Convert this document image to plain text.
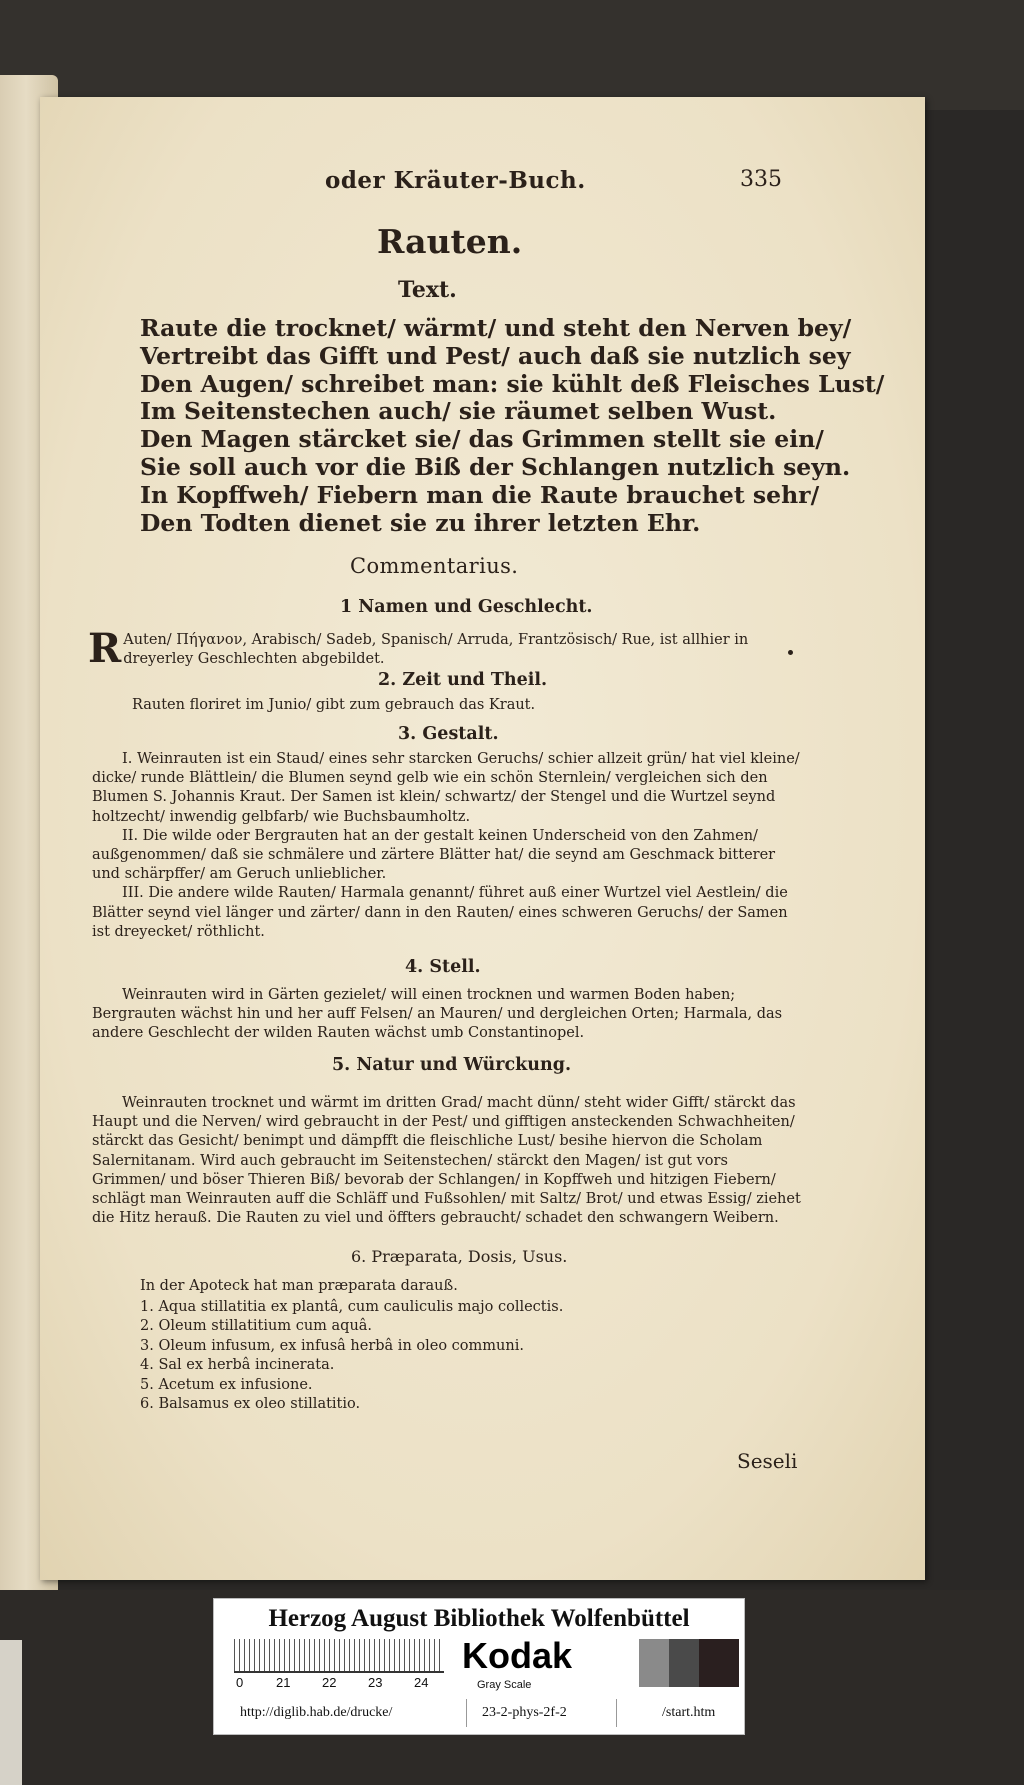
oder Kräuter-Buch.	335

Rauten.

Text.

Raute die trocknet/ wärmt/ und steht den Nerven bey/
Vertreibt das Gifft und Pest/ auch daß sie nutzlich sey
Den Augen/ schreibet man: sie kühlt deß Fleisches Lust/
Im Seitenstechen auch/ sie räumet selben Wust.
Den Magen stärcket sie/ das Grimmen stellt sie ein/
Sie soll auch vor die Biß der Schlangen nutzlich seyn.
In Kopffweh/ Fiebern man die Raute brauchet sehr/
Den Todten dienet sie zu ihrer letzten Ehr.

Commentarius.

1 Namen und Geschlecht.

R Auten/ Πήγανον, Arabisch/ Sadeb, Spanisch/ Arruda, Frantzösisch/ Rue, ist allhier in dreyerley Geschlechten abgebildet.

2. Zeit und Theil.

Rauten floriret im Junio/ gibt zum gebrauch das Kraut.

3. Gestalt.

I. Weinrauten ist ein Staud/ eines sehr starcken Geruchs/ schier allzeit grün/ hat viel kleine/ dicke/ runde Blättlein/ die Blumen seynd gelb wie ein schön Sternlein/ vergleichen sich den Blumen S. Johannis Kraut. Der Samen ist klein/ schwartz/ der Stengel und die Wurtzel seynd holtzecht/ inwendig gelbfarb/ wie Buchsbaumholtz.

II. Die wilde oder Bergrauten hat an der gestalt keinen Underscheid von den Zahmen/ außgenommen/ daß sie schmälere und zärtere Blätter hat/ die seynd am Geschmack bitterer und schärpffer/ am Geruch unlieblicher.

III. Die andere wilde Rauten/ Harmala genannt/ führet auß einer Wurtzel viel Aestlein/ die Blätter seynd viel länger und zärter/ dann in den Rauten/ eines schweren Geruchs/ der Samen ist dreyecket/ röthlicht.

4. Stell.

Weinrauten wird in Gärten gezielet/ will einen trocknen und warmen Boden haben; Bergrauten wächst hin und her auff Felsen/ an Mauren/ und dergleichen Orten; Harmala, das andere Geschlecht der wilden Rauten wächst umb Constantinopel.

5. Natur und Würckung.

Weinrauten trocknet und wärmt im dritten Grad/ macht dünn/ steht wider Gifft/ stärckt das Haupt und die Nerven/ wird gebraucht in der Pest/ und gifftigen ansteckenden Schwachheiten/ stärckt das Gesicht/ benimpt und dämpfft die fleischliche Lust/ besihe hiervon die Scholam Salernitanam. Wird auch gebraucht im Seitenstechen/ stärckt den Magen/ ist gut vors Grimmen/ und böser Thieren Biß/ bevorab der Schlangen/ in Kopffweh und hitzigen Fiebern/ schlägt man Weinrauten auff die Schläff und Fußsohlen/ mit Saltz/ Brot/ und etwas Essig/ ziehet die Hitz herauß. Die Rauten zu viel und öffters gebraucht/ schadet den schwangern Weibern.

6. Præparata, Dosis, Usus.

In der Apoteck hat man præparata darauß.
1. Aqua stillatitia ex plantâ, cum cauliculis majo collectis.
2. Oleum stillatitium cum aquâ.
3. Oleum infusum, ex infusâ herbâ in oleo communi.
4. Sal ex herbâ incinerata.
5. Acetum ex infusione.
6. Balsamus ex oleo stillatitio.

Seseli

Herzog August Bibliothek Wolfenbüttel
0	21 22 23 24
Kodak
Gray Scale
http://diglib.hab.de/drucke/	23-2-phys-2f-2	/start.htm
